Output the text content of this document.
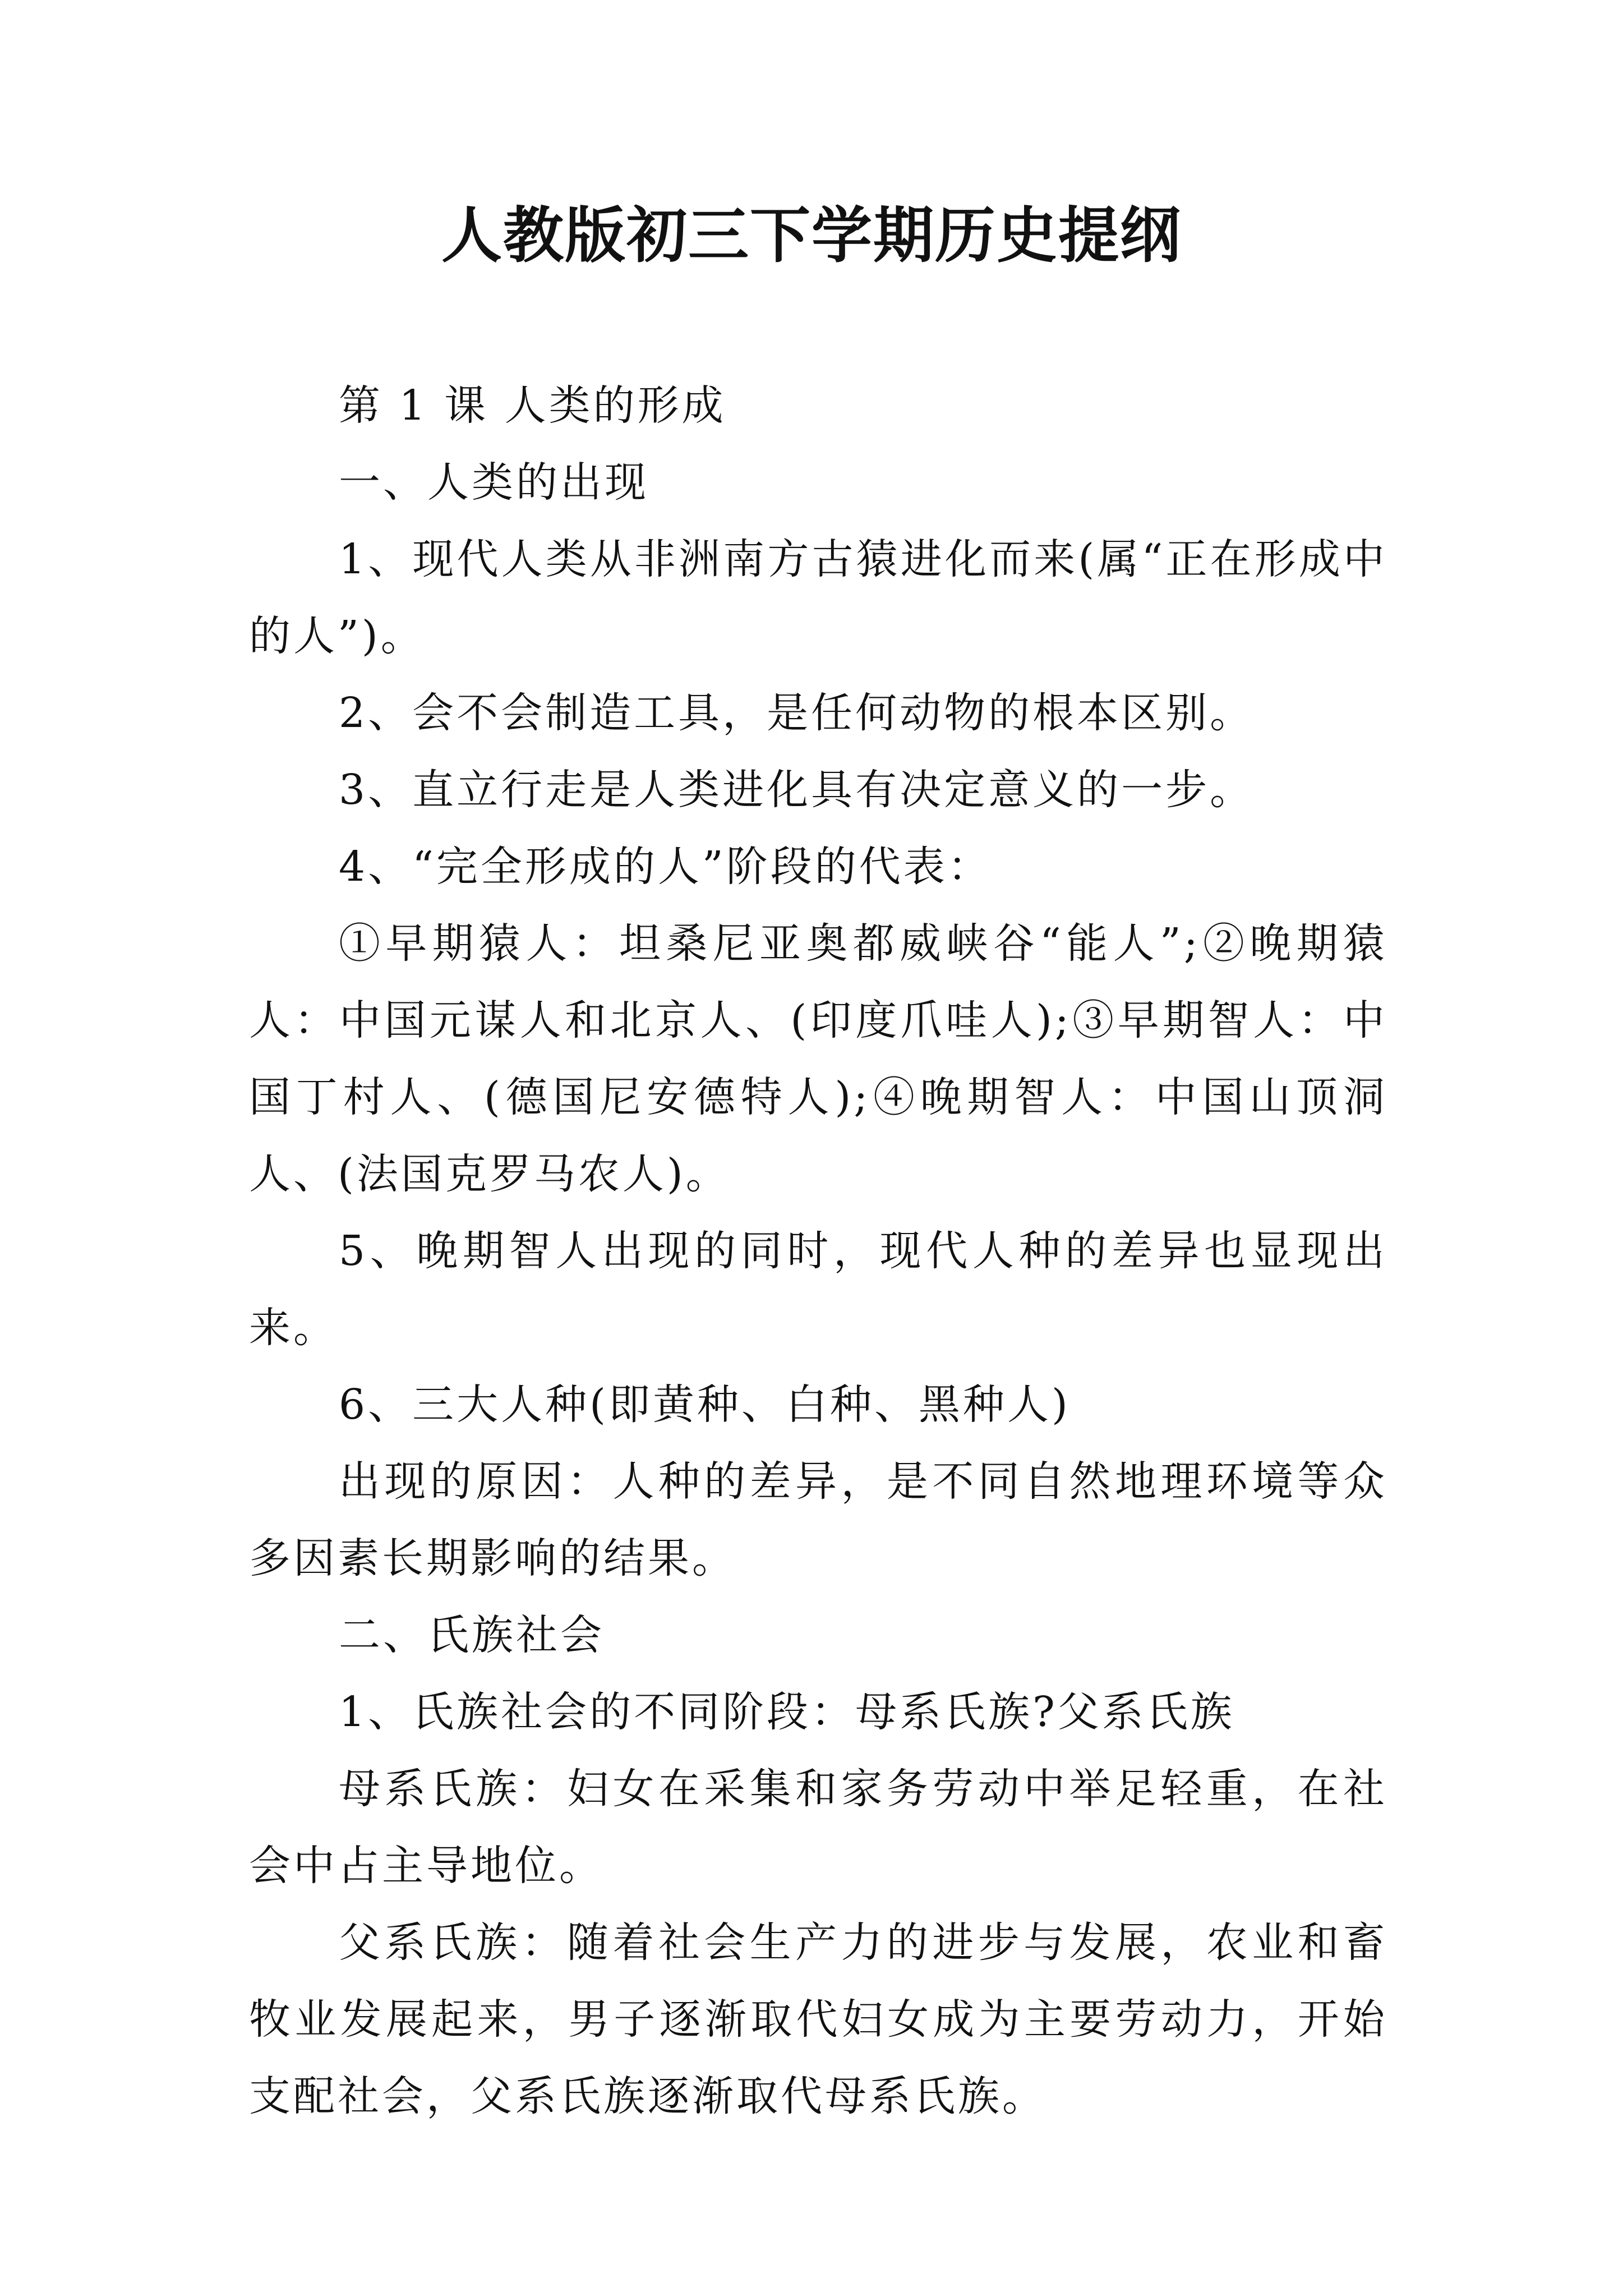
人教版初三下学期历史提纲

第 1 课 人类的形成

一、人类的出现

1、现代人类从非洲南方古猿进化而来(属“正在形成中的人”)。

2、会不会制造工具，是任何动物的根本区别。

3、直立行走是人类进化具有决定意义的一步。

4、“完全形成的人”阶段的代表：

①早期猿人：坦桑尼亚奥都威峡谷“能人”;②晚期猿人：中国元谋人和北京人、(印度爪哇人);③早期智人：中国丁村人、(德国尼安德特人);④晚期智人：中国山顶洞人、(法国克罗马农人)。

5、晚期智人出现的同时，现代人种的差异也显现出来。

6、三大人种(即黄种、白种、黑种人)

出现的原因：人种的差异，是不同自然地理环境等众多因素长期影响的结果。

二、氏族社会

1、氏族社会的不同阶段：母系氏族?父系氏族

母系氏族：妇女在采集和家务劳动中举足轻重，在社会中占主导地位。

父系氏族：随着社会生产力的进步与发展，农业和畜牧业发展起来，男子逐渐取代妇女成为主要劳动力，开始支配社会，父系氏族逐渐取代母系氏族。
